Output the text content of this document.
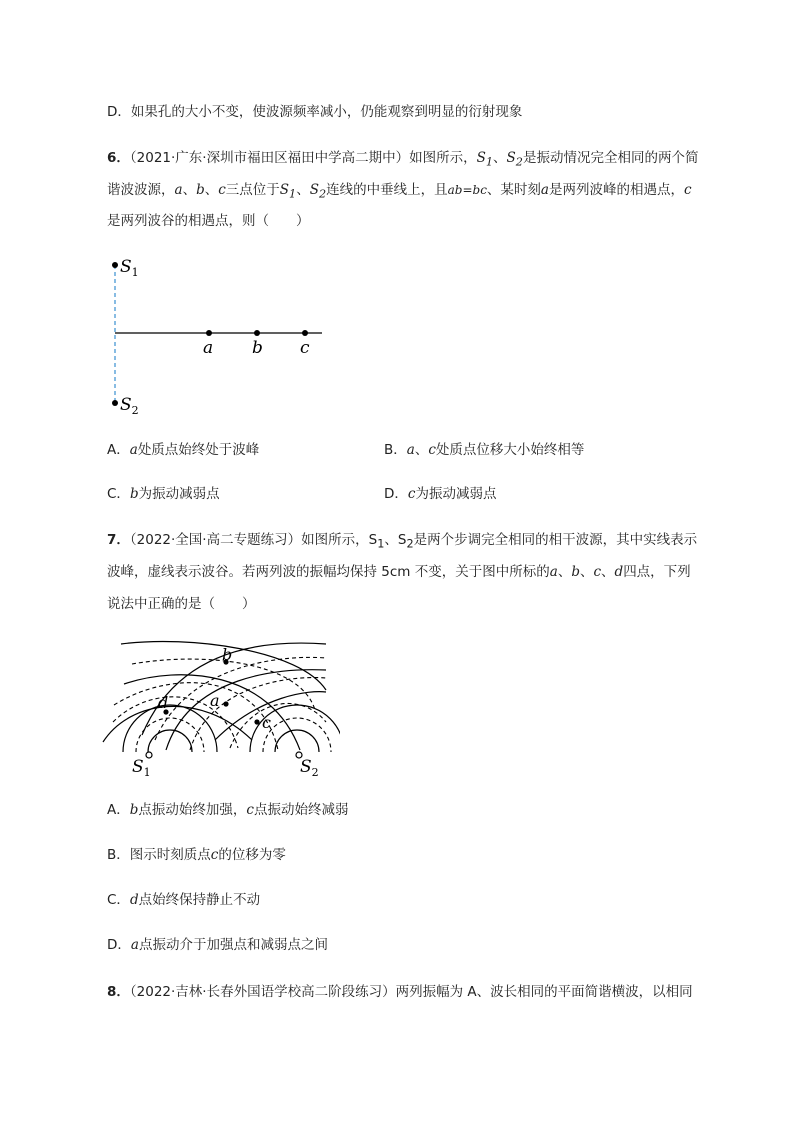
D．如果孔的大小不变，使波源频率减小，仍能观察到明显的衍射现象
6．（2021·广东·深圳市福田区福田中学高二期中）如图所示，$S_1$、$S_2$是振动情况完全相同的两个简
谐波波源，a、b、c三点位于$S_1$、$S_2$连线的中垂线上，且ab=bc、某时刻a是两列波峰的相遇点，c
是两列波谷的相遇点，则（　　）
$S_1$
$S_2$
a b c
A．a处质点始终处于波峰	B．a、c处质点位移大小始终相等
C．b为振动减弱点	D．c为振动减弱点
7．（2022·全国·高二专题练习）如图所示，$S_1$、$S_2$是两个步调完全相同的相干波源，其中实线表示
波峰，虚线表示波谷。若两列波的振幅均保持 5cm 不变，关于图中所标的a、b、c、d四点，下列
说法中正确的是（　　）
b
a
c
d
$S_1$	$S_2$
A．b点振动始终加强，c点振动始终减弱
B．图示时刻质点c的位移为零
C．d点始终保持静止不动
D．a点振动介于加强点和减弱点之间
8．（2022·吉林·长春外国语学校高二阶段练习）两列振幅为 A、波长相同的平面简谐横波，以相同
